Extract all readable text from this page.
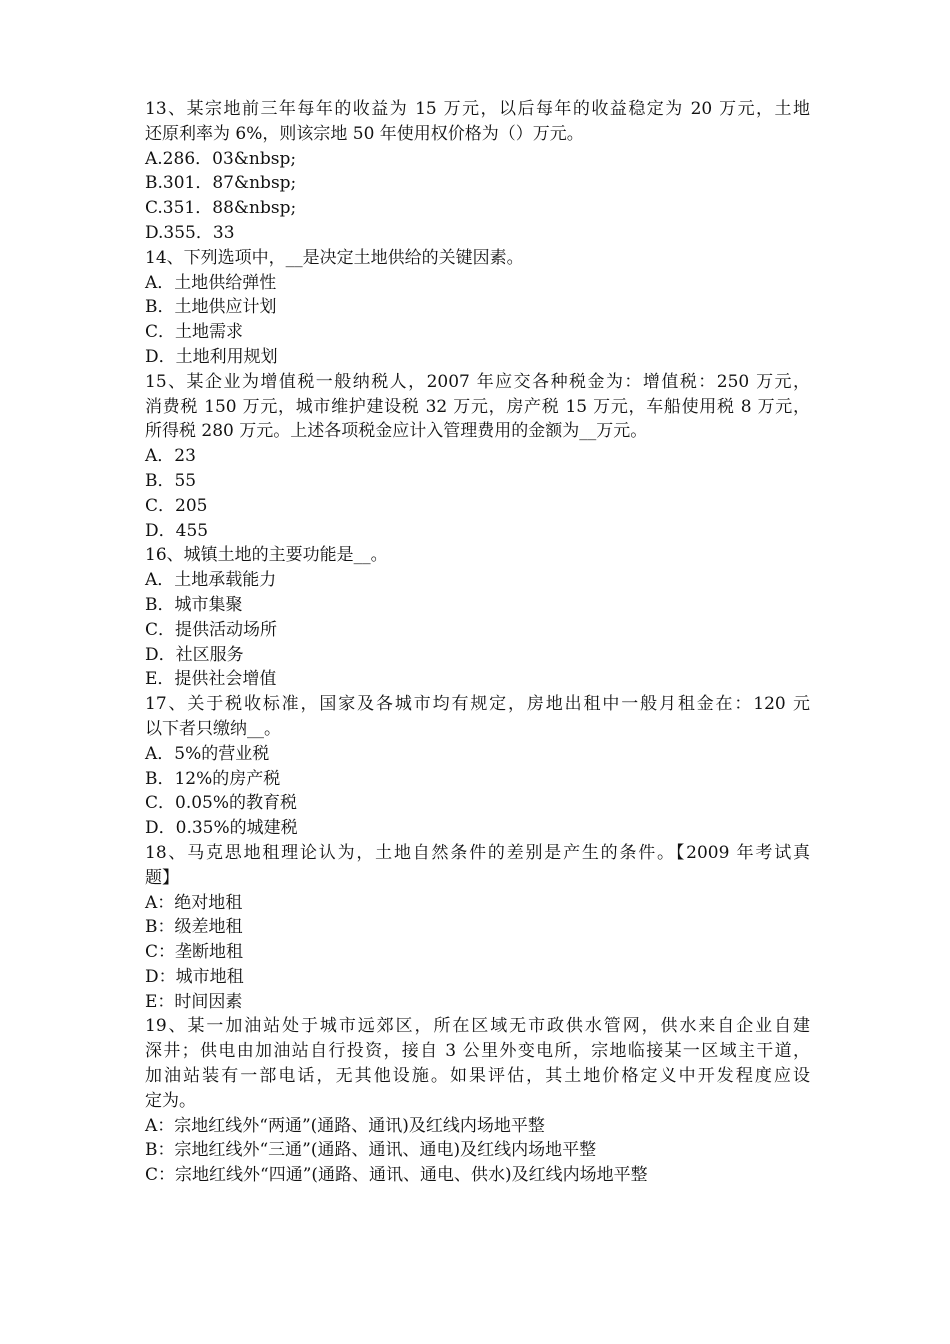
13、某宗地前三年每年的收益为 15 万元，以后每年的收益稳定为 20 万元，土地
还原利率为 6%，则该宗地 50 年使用权价格为（）万元。
A.286．03&nbsp;
B.301．87&nbsp;
C.351．88&nbsp;
D.355．33
14、下列选项中，__是决定土地供给的关键因素。
A．土地供给弹性
B．土地供应计划
C．土地需求
D．土地利用规划
15、某企业为增值税一般纳税人，2007 年应交各种税金为：增值税：250 万元，
消费税 150 万元，城市维护建设税 32 万元，房产税 15 万元，车船使用税 8 万元，
所得税 280 万元。上述各项税金应计入管理费用的金额为__万元。
A．23
B．55
C．205
D．455
16、城镇土地的主要功能是__。
A．土地承载能力
B．城市集聚
C．提供活动场所
D．社区服务
E．提供社会增值
17、关于税收标准，国家及各城市均有规定，房地出租中一般月租金在：120 元
以下者只缴纳__。
A．5%的营业税
B．12%的房产税
C．0.05%的教育税
D．0.35%的城建税
18、马克思地租理论认为，土地自然条件的差别是产生的条件。【2009 年考试真
题】
A：绝对地租
B：级差地租
C：垄断地租
D：城市地租
E：时间因素
19、某一加油站处于城市远郊区，所在区域无市政供水管网，供水来自企业自建
深井；供电由加油站自行投资，接自 3 公里外变电所，宗地临接某一区域主干道，
加油站装有一部电话，无其他设施。如果评估，其土地价格定义中开发程度应设
定为。
A：宗地红线外“两通”(通路、通讯)及红线内场地平整
B：宗地红线外“三通”(通路、通讯、通电)及红线内场地平整
C：宗地红线外“四通”(通路、通讯、通电、供水)及红线内场地平整
